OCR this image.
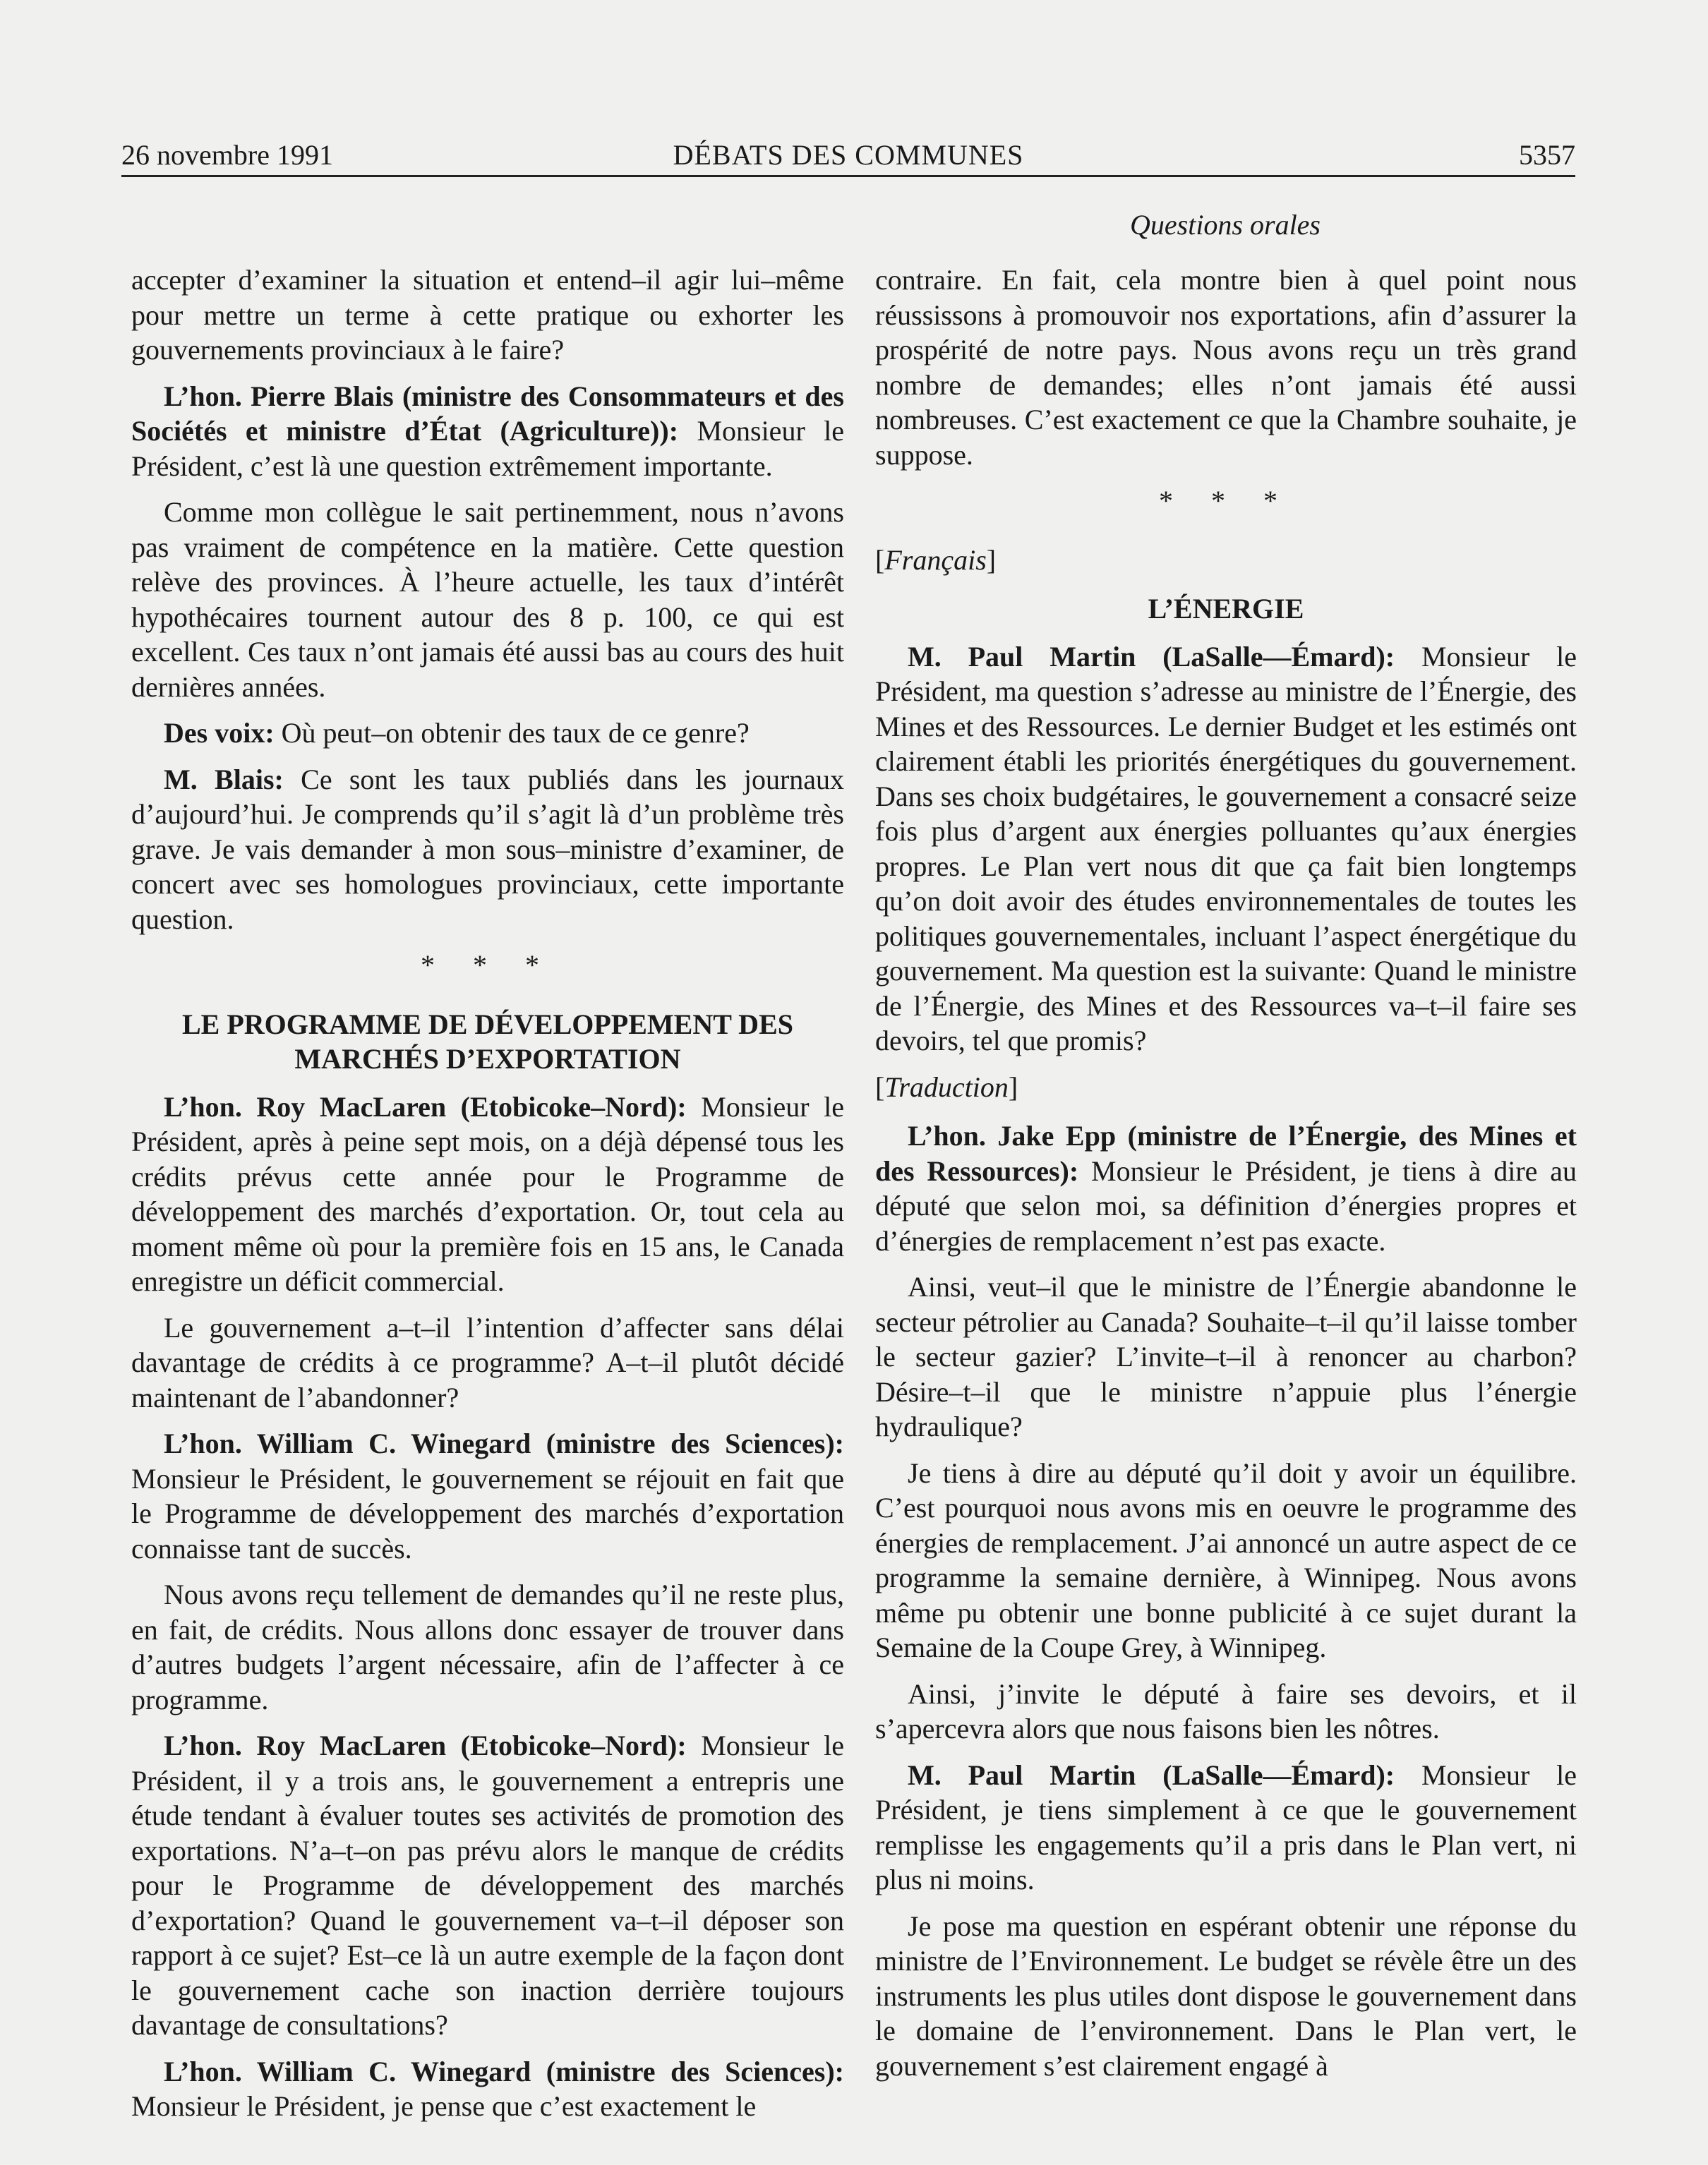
26 novembre 1991	DÉBATS DES COMMUNES	5357
Questions orales

accepter d’examiner la situation et entend–il agir lui–même pour mettre un terme à cette pratique ou exhorter les gouvernements provinciaux à le faire?

L’hon. Pierre Blais (ministre des Consommateurs et des Sociétés et ministre d’État (Agriculture)): Monsieur le Président, c’est là une question extrêmement importante.

Comme mon collègue le sait pertinemment, nous n’avons pas vraiment de compétence en la matière. Cette question relève des provinces. À l’heure actuelle, les taux d’intérêt hypothécaires tournent autour des 8 p. 100, ce qui est excellent. Ces taux n’ont jamais été aussi bas au cours des huit dernières années.

Des voix: Où peut–on obtenir des taux de ce genre?

M. Blais: Ce sont les taux publiés dans les journaux d’aujourd’hui. Je comprends qu’il s’agit là d’un problème très grave. Je vais demander à mon sous–ministre d’examiner, de concert avec ses homologues provinciaux, cette importante question.

* * *
LE PROGRAMME DE DÉVELOPPEMENT DES MARCHÉS D’EXPORTATION

L’hon. Roy MacLaren (Etobicoke–Nord): Monsieur le Président, après à peine sept mois, on a déjà dépensé tous les crédits prévus cette année pour le Programme de développement des marchés d’exportation. Or, tout cela au moment même où pour la première fois en 15 ans, le Canada enregistre un déficit commercial.

Le gouvernement a–t–il l’intention d’affecter sans délai davantage de crédits à ce programme? A–t–il plutôt décidé maintenant de l’abandonner?

L’hon. William C. Winegard (ministre des Sciences): Monsieur le Président, le gouvernement se réjouit en fait que le Programme de développement des marchés d’exportation connaisse tant de succès.

Nous avons reçu tellement de demandes qu’il ne reste plus, en fait, de crédits. Nous allons donc essayer de trouver dans d’autres budgets l’argent nécessaire, afin de l’affecter à ce programme.

L’hon. Roy MacLaren (Etobicoke–Nord): Monsieur le Président, il y a trois ans, le gouvernement a entrepris une étude tendant à évaluer toutes ses activités de promotion des exportations. N’a–t–on pas prévu alors le manque de crédits pour le Programme de développement des marchés d’exportation? Quand le gouvernement va–t–il déposer son rapport à ce sujet? Est–ce là un autre exemple de la façon dont le gouvernement cache son inaction derrière toujours davantage de consultations?

L’hon. William C. Winegard (ministre des Sciences): Monsieur le Président, je pense que c’est exactement le

contraire. En fait, cela montre bien à quel point nous réussissons à promouvoir nos exportations, afin d’assurer la prospérité de notre pays. Nous avons reçu un très grand nombre de demandes; elles n’ont jamais été aussi nombreuses. C’est exactement ce que la Chambre souhaite, je suppose.

* * *
[Français]
L’ÉNERGIE

M. Paul Martin (LaSalle—Émard): Monsieur le Président, ma question s’adresse au ministre de l’Énergie, des Mines et des Ressources. Le dernier Budget et les estimés ont clairement établi les priorités énergétiques du gouvernement. Dans ses choix budgétaires, le gouvernement a consacré seize fois plus d’argent aux énergies polluantes qu’aux énergies propres. Le Plan vert nous dit que ça fait bien longtemps qu’on doit avoir des études environnementales de toutes les politiques gouvernementales, incluant l’aspect énergétique du gouvernement. Ma question est la suivante: Quand le ministre de l’Énergie, des Mines et des Ressources va–t–il faire ses devoirs, tel que promis?

[Traduction]

L’hon. Jake Epp (ministre de l’Énergie, des Mines et des Ressources): Monsieur le Président, je tiens à dire au député que selon moi, sa définition d’énergies propres et d’énergies de remplacement n’est pas exacte.

Ainsi, veut–il que le ministre de l’Énergie abandonne le secteur pétrolier au Canada? Souhaite–t–il qu’il laisse tomber le secteur gazier? L’invite–t–il à renoncer au charbon? Désire–t–il que le ministre n’appuie plus l’énergie hydraulique?

Je tiens à dire au député qu’il doit y avoir un équilibre. C’est pourquoi nous avons mis en oeuvre le programme des énergies de remplacement. J’ai annoncé un autre aspect de ce programme la semaine dernière, à Winnipeg. Nous avons même pu obtenir une bonne publicité à ce sujet durant la Semaine de la Coupe Grey, à Winnipeg.

Ainsi, j’invite le député à faire ses devoirs, et il s’apercevra alors que nous faisons bien les nôtres.

M. Paul Martin (LaSalle—Émard): Monsieur le Président, je tiens simplement à ce que le gouvernement remplisse les engagements qu’il a pris dans le Plan vert, ni plus ni moins.

Je pose ma question en espérant obtenir une réponse du ministre de l’Environnement. Le budget se révèle être un des instruments les plus utiles dont dispose le gouvernement dans le domaine de l’environnement. Dans le Plan vert, le gouvernement s’est clairement engagé à
